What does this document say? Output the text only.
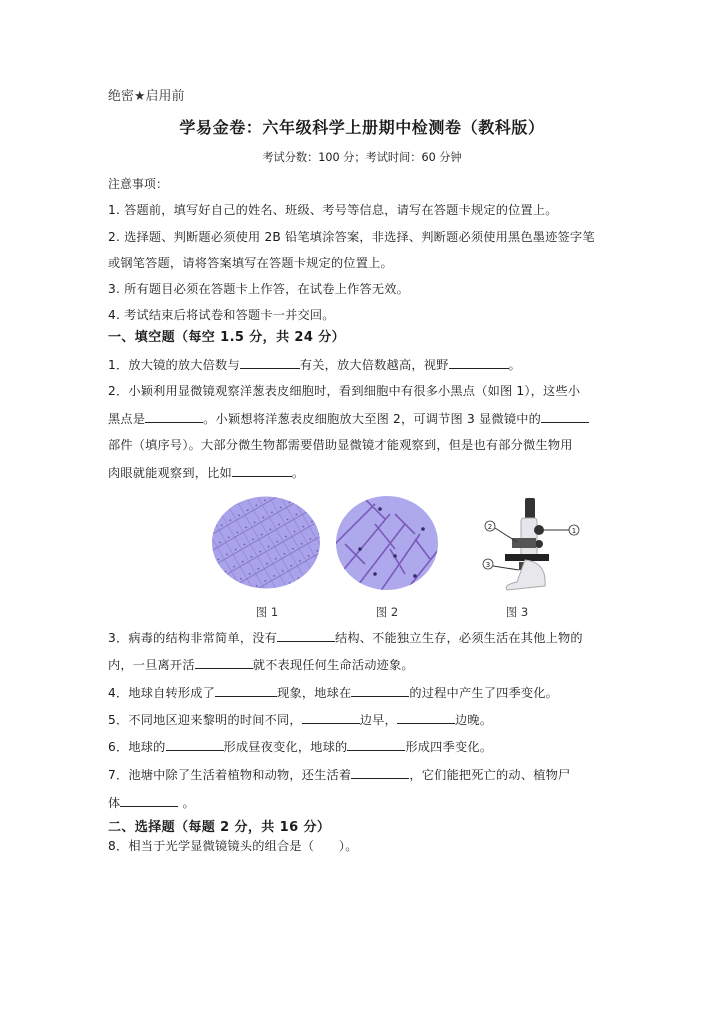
绝密★启用前
学易金卷：六年级科学上册期中检测卷（教科版）
考试分数：100 分；考试时间：60 分钟
注意事项：
1. 答题前，填写好自己的姓名、班级、考号等信息，请写在答题卡规定的位置上。
2. 选择题、判断题必须使用 2B 铅笔填涂答案，非选择、判断题必须使用黑色墨迹签字笔
或钢笔答题，请将答案填写在答题卡规定的位置上。
3. 所有题目必须在答题卡上作答，在试卷上作答无效。
4. 考试结束后将试卷和答题卡一并交回。
一、填空题（每空 1.5 分，共 24 分）
1．放大镜的放大倍数与	有关，放大倍数越高，视野	。
2．小颖利用显微镜观察洋葱表皮细胞时，看到细胞中有很多小黑点（如图 1），这些小
黑点是	。小颖想将洋葱表皮细胞放大至图 2，可调节图 3 显微镜中的
部件（填序号）。大部分微生物都需要借助显微镜才能观察到，但是也有部分微生物用
肉眼就能观察到，比如	。
1
2
3
图 1	图 2	图 3
3．病毒的结构非常简单，没有	结构、不能独立生存，必须生活在其他上物的
内，一旦离开活	就不表现任何生命活动迹象。
4．地球自转形成了	现象，地球在	的过程中产生了四季变化。
5．不同地区迎来黎明的时间不同，	边早，	边晚。
6．地球的	形成昼夜变化，地球的	形成四季变化。
7．池塘中除了生活着植物和动物，还生活着	，它们能把死亡的动、植物尸
体	。
二、选择题（每题 2 分，共 16 分）
8．相当于光学显微镜镜头的组合是（　　）。
